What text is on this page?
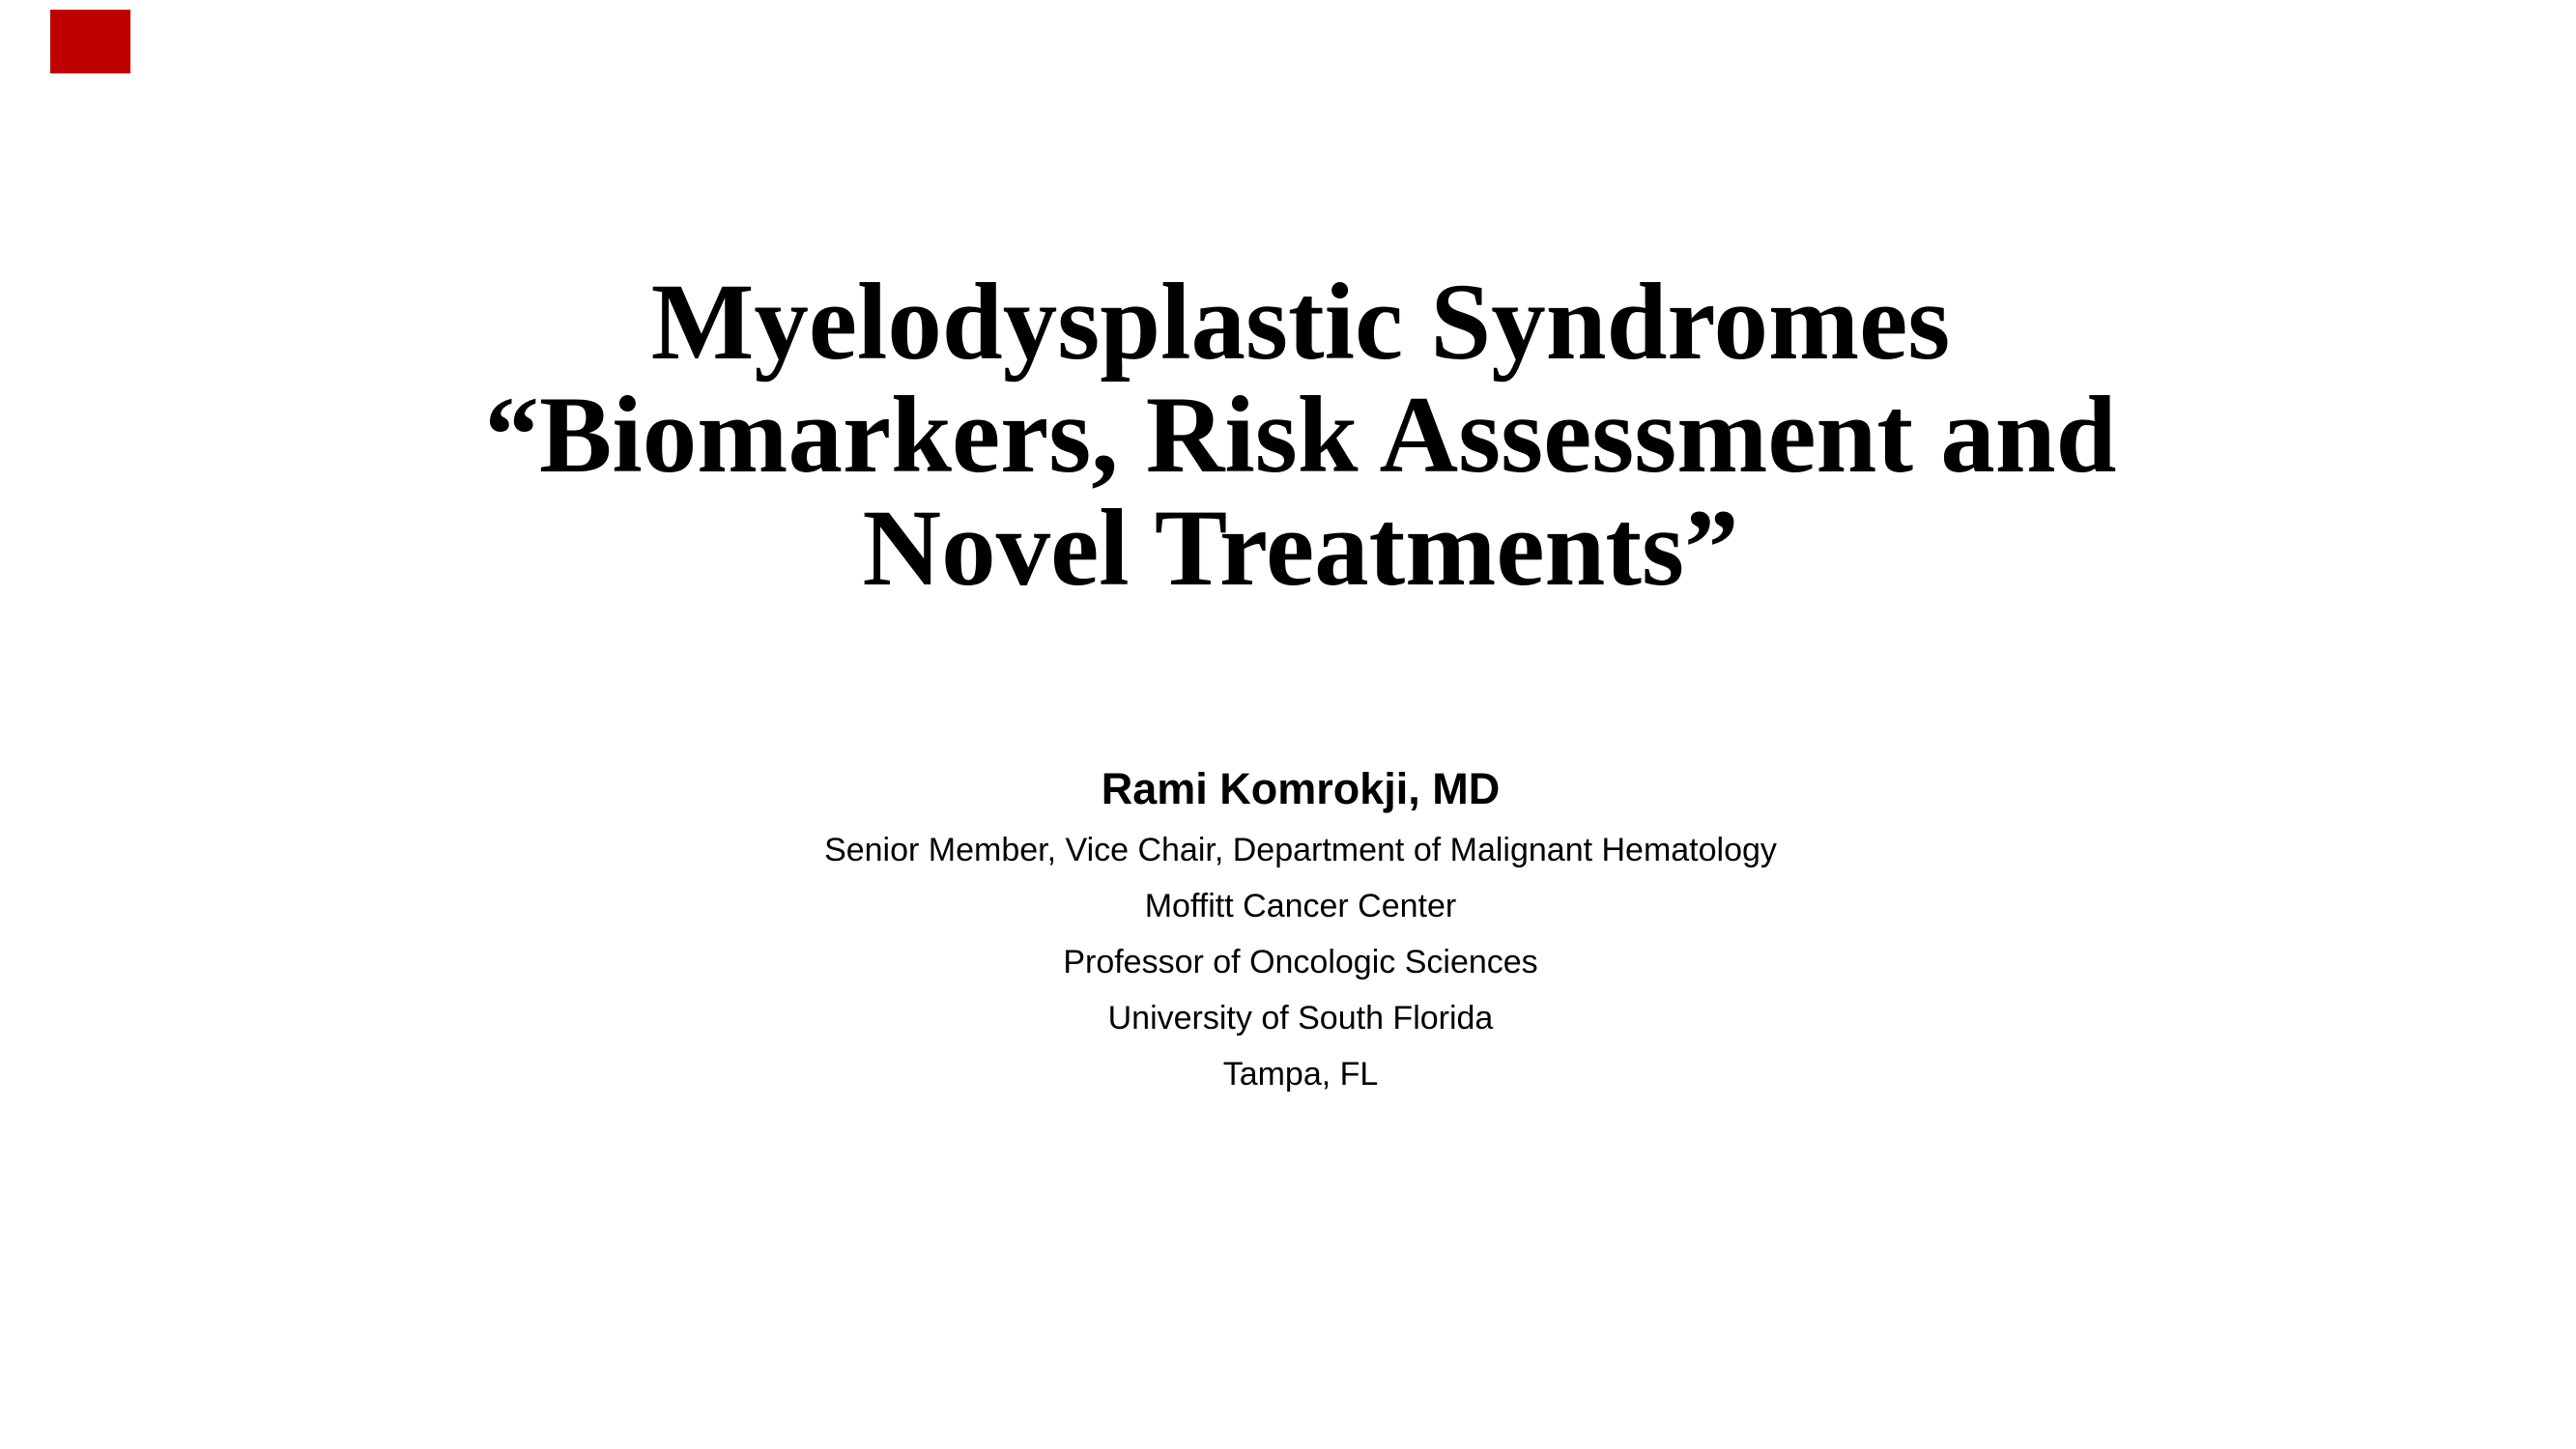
Myelodysplastic Syndromes
“Biomarkers, Risk Assessment and
Novel Treatments”
Rami Komrokji, MD
Senior Member, Vice Chair, Department of Malignant Hematology
Moffitt Cancer Center
Professor of Oncologic Sciences
University of South Florida
Tampa, FL
